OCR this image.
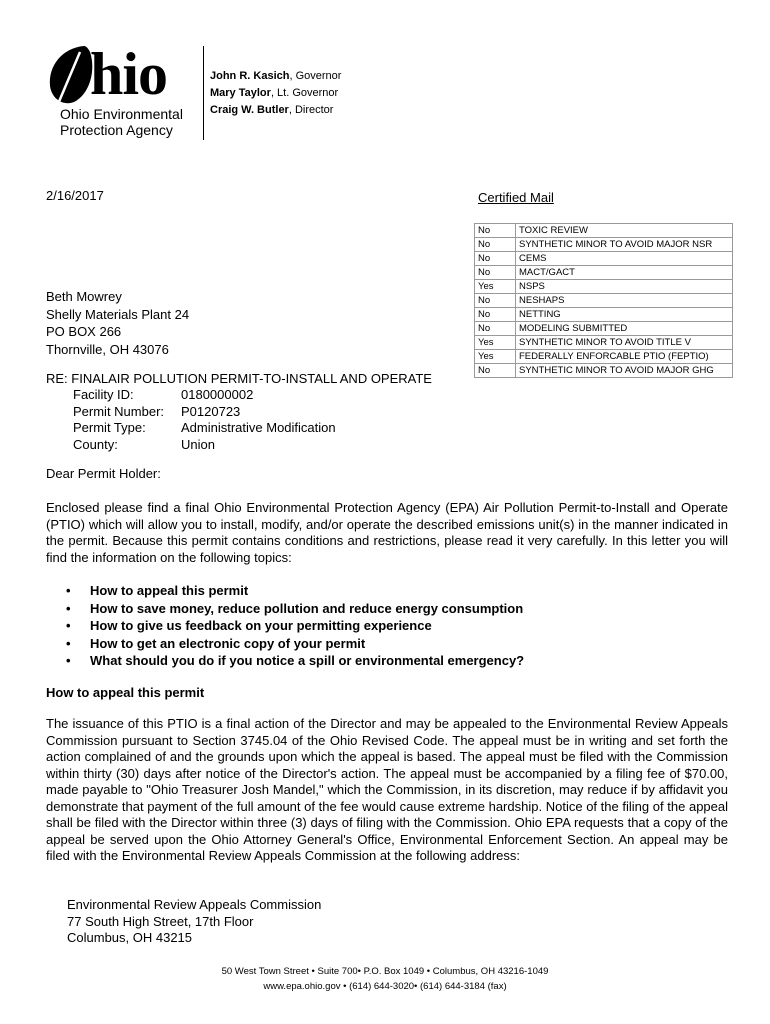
hio
Ohio Environmental
Protection Agency
John R. Kasich, Governor
Mary Taylor, Lt. Governor
Craig W. Butler, Director
2/16/2017	Certified Mail
No	TOXIC REVIEW
No	SYNTHETIC MINOR TO AVOID MAJOR NSR
No	CEMS
No	MACT/GACT
Yes	NSPS
No	NESHAPS
No	NETTING
No	MODELING SUBMITTED
Yes	SYNTHETIC MINOR TO AVOID TITLE V
Yes	FEDERALLY ENFORCABLE PTIO (FEPTIO)
No	SYNTHETIC MINOR TO AVOID MAJOR GHG
Beth Mowrey
Shelly Materials Plant 24
PO BOX 266
Thornville, OH 43076
RE: FINALAIR POLLUTION PERMIT-TO-INSTALL AND OPERATE
Facility ID:	0180000002
Permit Number: P0120723
Permit Type:	Administrative Modification
County:	Union
Dear Permit Holder:
Enclosed please find a final Ohio Environmental Protection Agency (EPA) Air Pollution Permit-to-Install and Operate (PTIO) which will allow you to install, modify, and/or operate the described emissions unit(s) in the manner indicated in the permit. Because this permit contains conditions and restrictions, please read it very carefully. In this letter you will find the information on the following topics:
• How to appeal this permit
• How to save money, reduce pollution and reduce energy consumption
• How to give us feedback on your permitting experience
• How to get an electronic copy of your permit
• What should you do if you notice a spill or environmental emergency?
How to appeal this permit
The issuance of this PTIO is a final action of the Director and may be appealed to the Environmental Review Appeals Commission pursuant to Section 3745.04 of the Ohio Revised Code. The appeal must be in writing and set forth the action complained of and the grounds upon which the appeal is based. The appeal must be filed with the Commission within thirty (30) days after notice of the Director's action. The appeal must be accompanied by a filing fee of $70.00, made payable to "Ohio Treasurer Josh Mandel," which the Commission, in its discretion, may reduce if by affidavit you demonstrate that payment of the full amount of the fee would cause extreme hardship. Notice of the filing of the appeal shall be filed with the Director within three (3) days of filing with the Commission. Ohio EPA requests that a copy of the appeal be served upon the Ohio Attorney General's Office, Environmental Enforcement Section. An appeal may be filed with the Environmental Review Appeals Commission at the following address:
Environmental Review Appeals Commission
77 South High Street, 17th Floor
Columbus, OH 43215
50 West Town Street • Suite 700• P.O. Box 1049 • Columbus, OH 43216-1049
www.epa.ohio.gov • (614) 644-3020• (614) 644-3184 (fax)
